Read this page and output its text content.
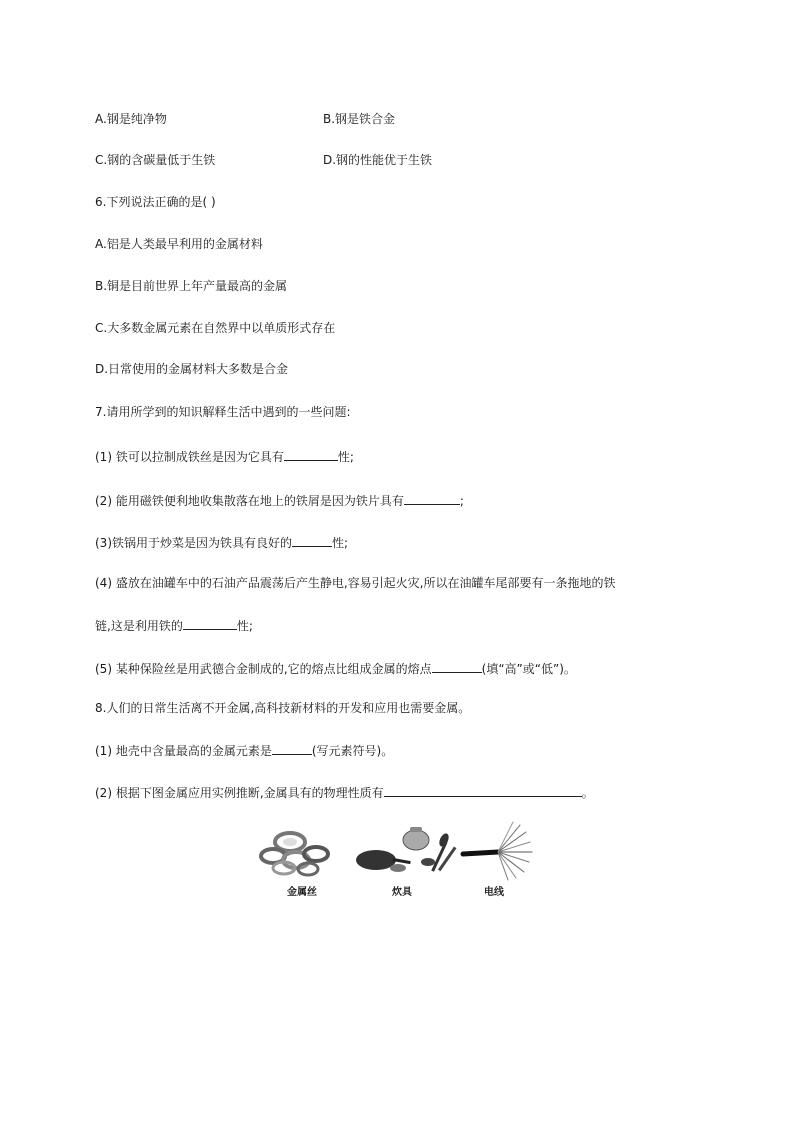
A.钢是纯净物	B.钢是铁合金
C.钢的含碳量低于生铁	D.钢的性能优于生铁
6.下列说法正确的是( )
A.铝是人类最早利用的金属材料
B.铜是目前世界上年产量最高的金属
C.大多数金属元素在自然界中以单质形式存在
D.日常使用的金属材料大多数是合金
7.请用所学到的知识解释生活中遇到的一些问题:
(1) 铁可以拉制成铁丝是因为它具有	性;
(2) 能用磁铁便利地收集散落在地上的铁屑是因为铁片具有	;
(3)铁锅用于炒菜是因为铁具有良好的	性;
(4) 盛放在油罐车中的石油产品震荡后产生静电,容易引起火灾,所以在油罐车尾部要有一条拖地的铁
链,这是利用铁的	性;
(5) 某种保险丝是用武德合金制成的,它的熔点比组成金属的熔点	(填“高”或“低”)。
8.人们的日常生活离不开金属,高科技新材料的开发和应用也需要金属。
(1) 地壳中含量最高的金属元素是	(写元素符号)。
(2) 根据下图金属应用实例推断,金属具有的物理性质有	。
金属丝	炊具	电线
